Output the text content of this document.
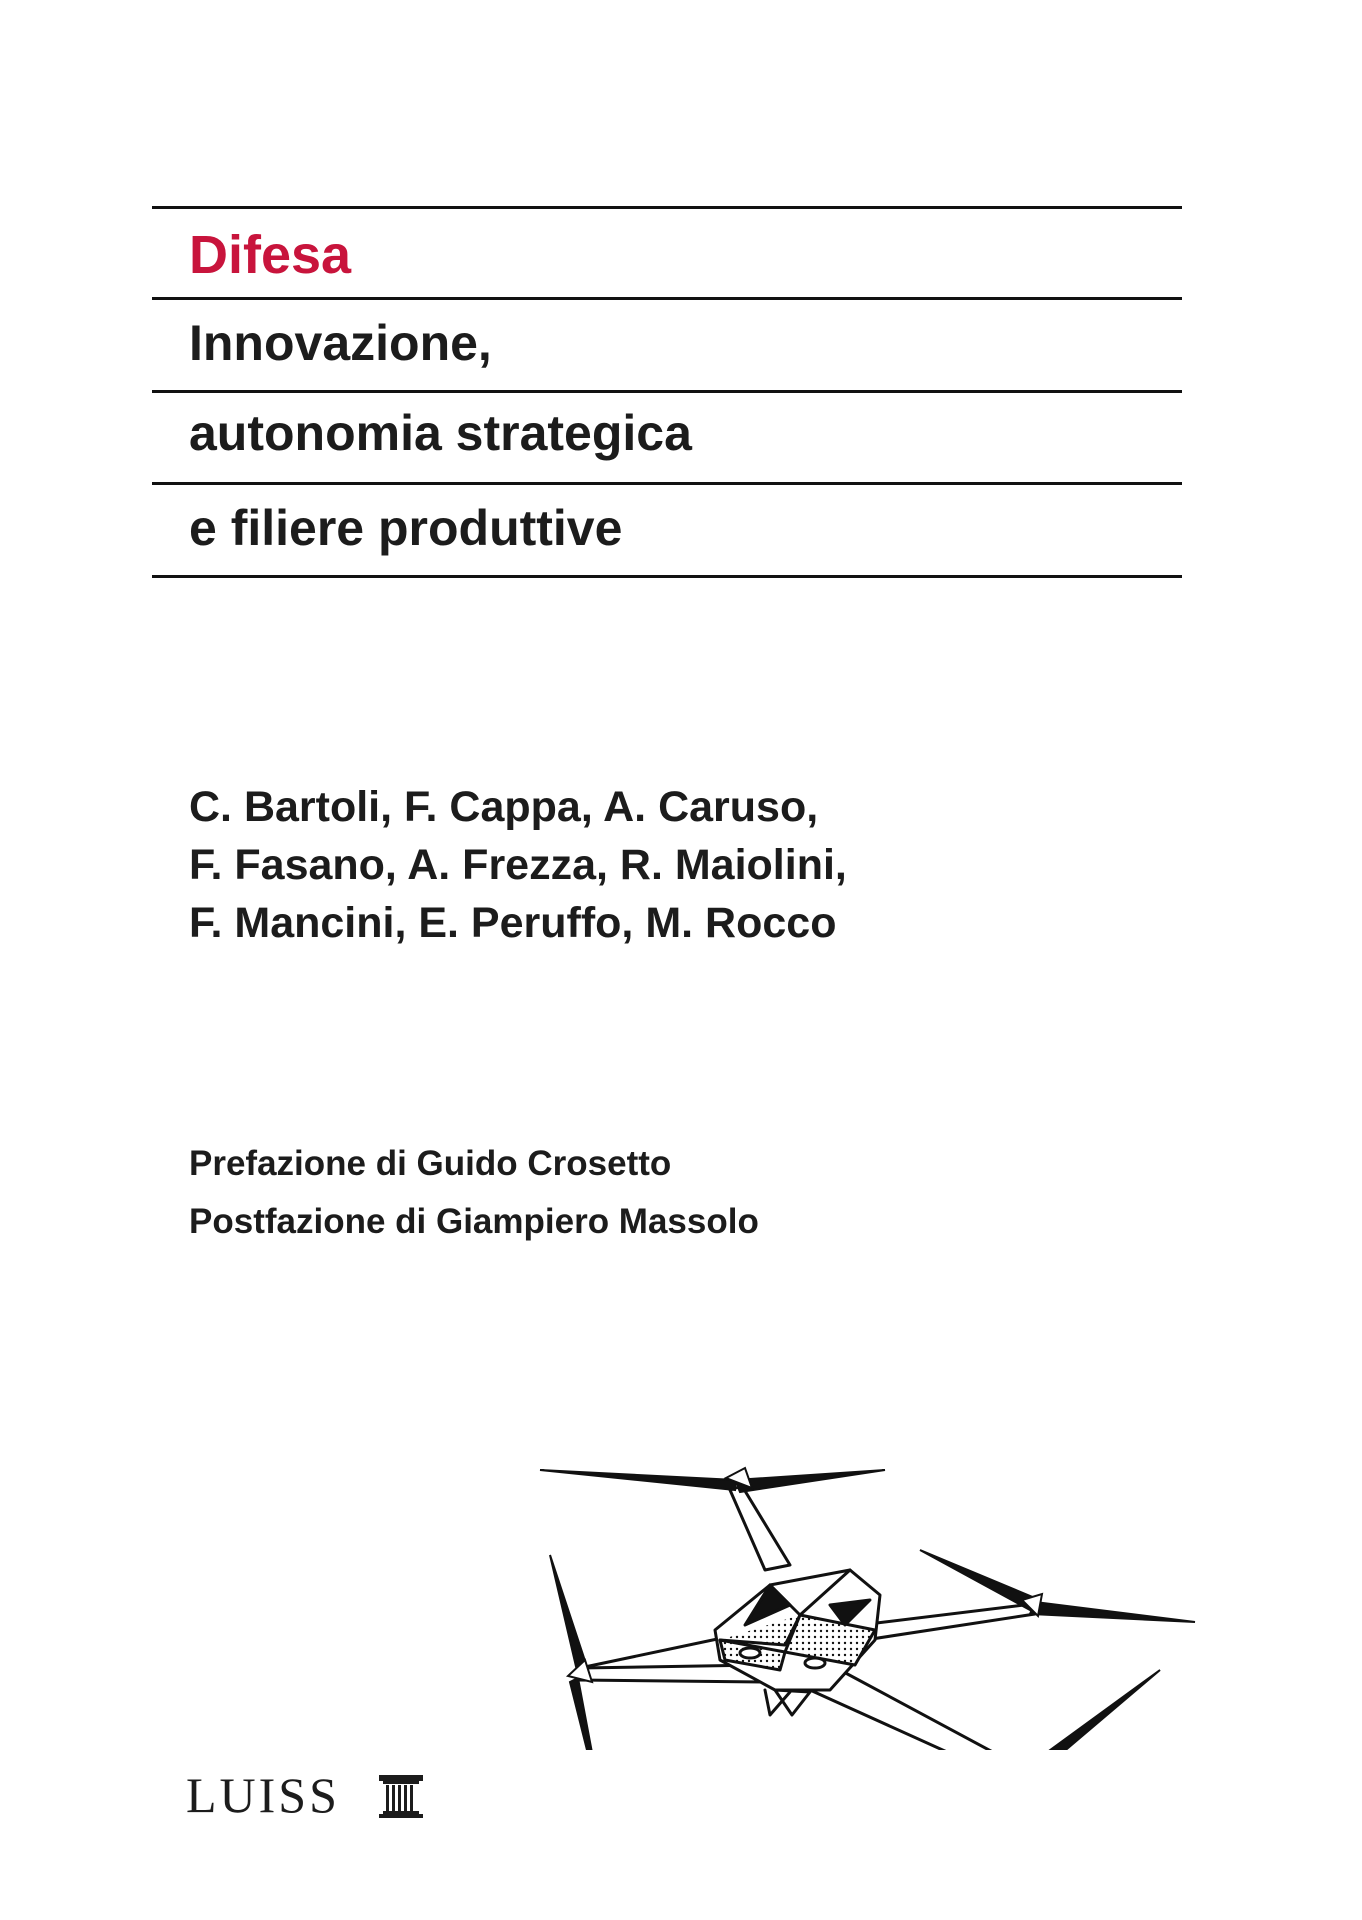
Difesa
Innovazione,
autonomia strategica
e filiere produttive
C. Bartoli, F. Cappa, A. Caruso,
F. Fasano, A. Frezza, R. Maiolini,
F. Mancini, E. Peruffo, M. Rocco
Prefazione di Guido Crosetto
Postfazione di Giampiero Massolo
LUISS
